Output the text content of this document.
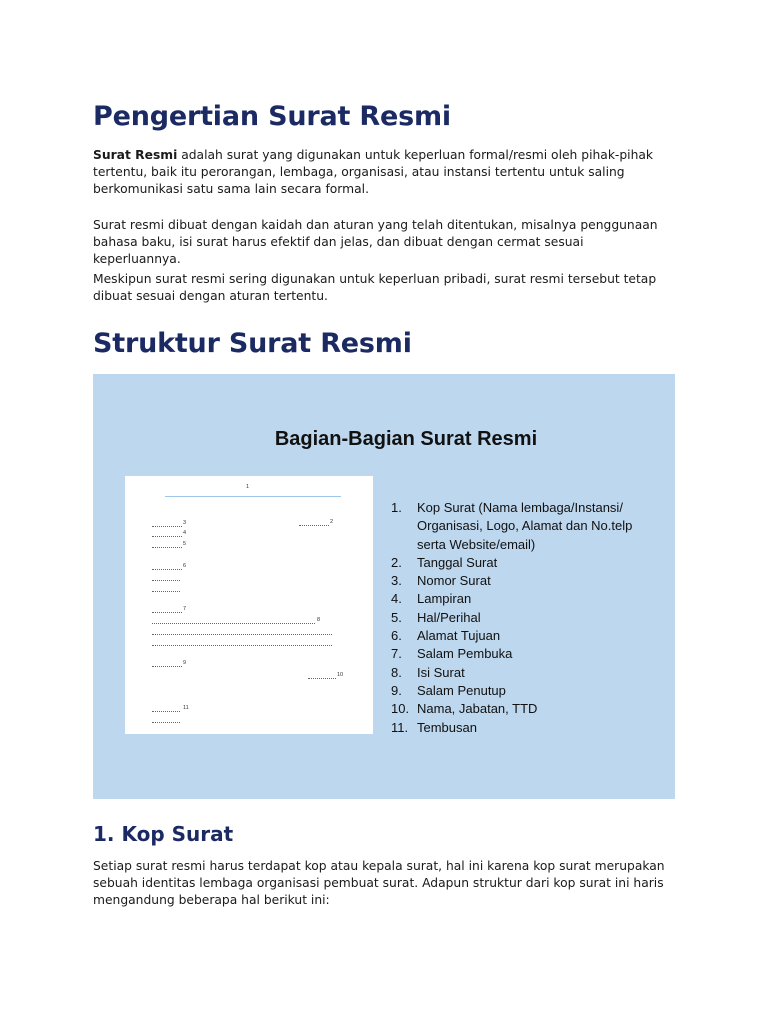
Pengertian Surat Resmi

Surat Resmi adalah surat yang digunakan untuk keperluan formal/resmi oleh pihak-pihak tertentu, baik itu perorangan, lembaga, organisasi, atau instansi tertentu untuk saling berkomunikasi satu sama lain secara formal.

Surat resmi dibuat dengan kaidah dan aturan yang telah ditentukan, misalnya penggunaan bahasa baku, isi surat harus efektif dan jelas, dan dibuat dengan cermat sesuai keperluannya.

Meskipun surat resmi sering digunakan untuk keperluan pribadi, surat resmi tersebut tetap dibuat sesuai dengan aturan tertentu.

Struktur Surat Resmi
Bagian-Bagian Surat Resmi
1
2
3
4
5
6
7
8
9
10
11
1. Kop Surat (Nama lembaga/Instansi/
Organisasi, Logo, Alamat dan No.telp
serta Website/email)
2. Tanggal Surat
3. Nomor Surat
4. Lampiran
5. Hal/Perihal
6. Alamat Tujuan
7. Salam Pembuka
8. Isi Surat
9. Salam Penutup
10. Nama, Jabatan, TTD
11. Tembusan
1. Kop Surat

Setiap surat resmi harus terdapat kop atau kepala surat, hal ini karena kop surat merupakan sebuah identitas lembaga organisasi pembuat surat. Adapun struktur dari kop surat ini haris mengandung beberapa hal berikut ini:
